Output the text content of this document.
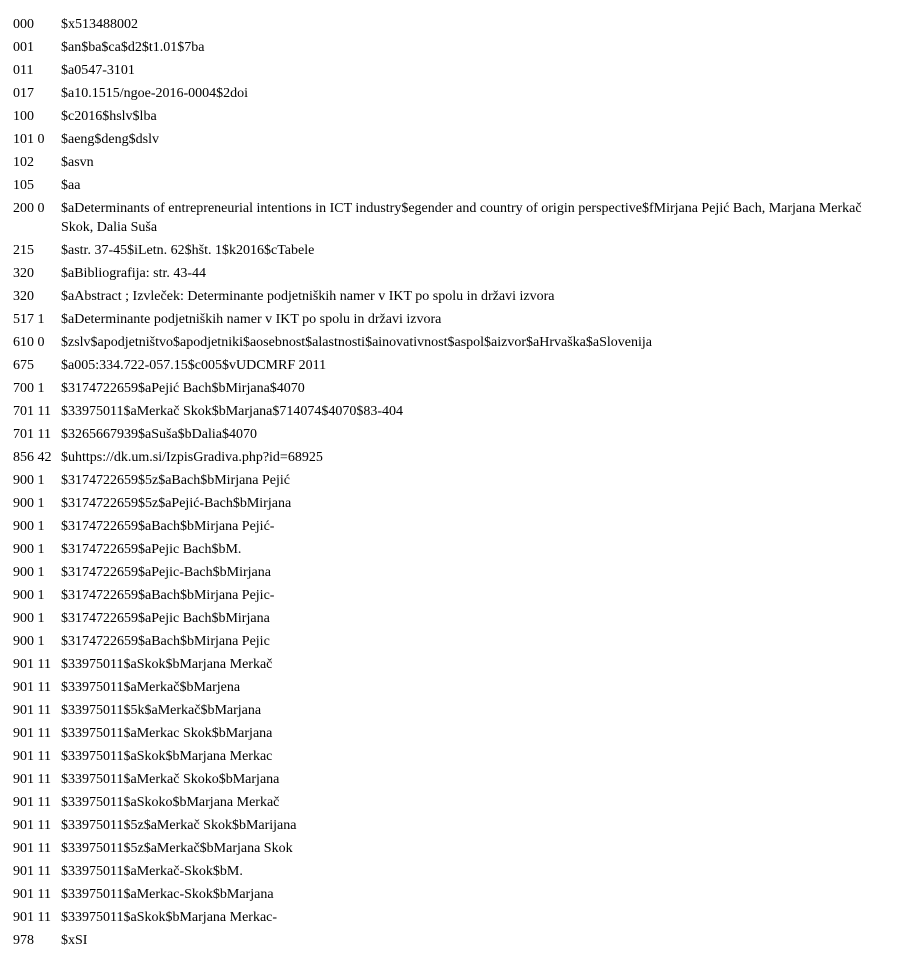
000	$x513488002
001	$an$ba$ca$d2$t1.01$7ba
011	$a0547-3101
017	$a10.1515/ngoe-2016-0004$2doi
100	$c2016$hslv$lba
101 0	$aeng$deng$dslv
102	$asvn
105	$aa
200 0	$aDeterminants of entrepreneurial intentions in ICT industry$egender and country of origin perspective$fMirjana Pejić Bach, Marjana Merkač Skok, Dalia Suša
215	$astr. 37-45$iLetn. 62$hšt. 1$k2016$cTabele
320	$aBibliografija: str. 43-44
320	$aAbstract ; Izvleček: Determinante podjetniških namer v IKT po spolu in državi izvora
517 1	$aDeterminante podjetniških namer v IKT po spolu in državi izvora
610 0	$zslv$apodjetništvo$apodjetniki$aosebnost$alastnosti$ainovativnost$aspol$aizvor$aHrvaška$aSlovenija
675	$a005:334.722-057.15$c005$vUDCMRF 2011
700 1	$3174722659$aPejić Bach$bMirjana$4070
701 11 $33975011$aMerkač Skok$bMarjana$714074$4070$83-404
701 11 $3265667939$aSuša$bDalia$4070
856 42 $uhttps://dk.um.si/IzpisGradiva.php?id=68925
900 1	$3174722659$5z$aBach$bMirjana Pejić
900 1	$3174722659$5z$aPejić-Bach$bMirjana
900 1	$3174722659$aBach$bMirjana Pejić-
900 1	$3174722659$aPejic Bach$bM.
900 1	$3174722659$aPejic-Bach$bMirjana
900 1	$3174722659$aBach$bMirjana Pejic-
900 1	$3174722659$aPejic Bach$bMirjana
900 1	$3174722659$aBach$bMirjana Pejic
901 11 $33975011$aSkok$bMarjana Merkač
901 11 $33975011$aMerkač$bMarjena
901 11 $33975011$5k$aMerkač$bMarjana
901 11 $33975011$aMerkac Skok$bMarjana
901 11 $33975011$aSkok$bMarjana Merkac
901 11 $33975011$aMerkač Skoko$bMarjana
901 11 $33975011$aSkoko$bMarjana Merkač
901 11 $33975011$5z$aMerkač Skok$bMarijana
901 11 $33975011$5z$aMerkač$bMarjana Skok
901 11 $33975011$aMerkač-Skok$bM.
901 11 $33975011$aMerkac-Skok$bMarjana
901 11 $33975011$aSkok$bMarjana Merkac-
978	$xSI
